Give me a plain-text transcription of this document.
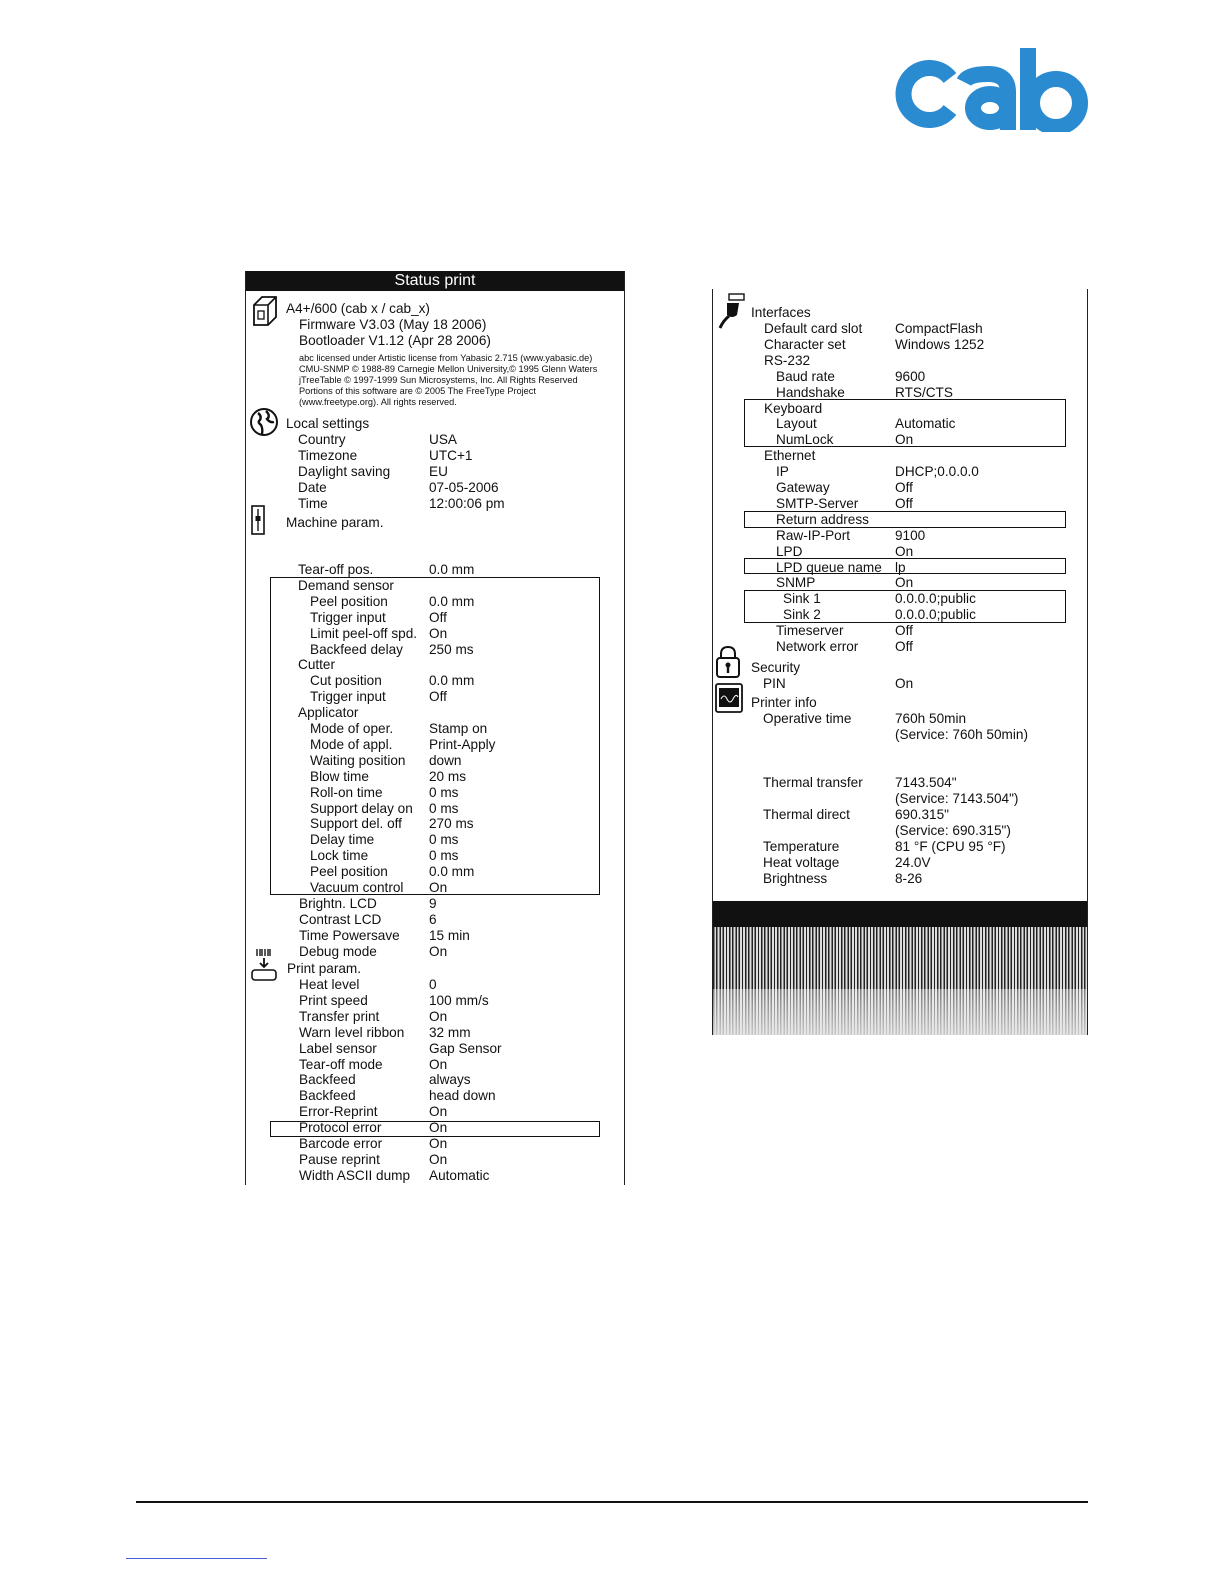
Status print
A4+/600 (cab x / cab_x)
Firmware V3.03 (May 18 2006)
Bootloader V1.12 (Apr 28 2006)
abc licensed under Artistic license from Yabasic 2.715 (www.yabasic.de)
CMU-SNMP © 1988-89 Carnegie Mellon University,© 1995 Glenn Waters
jTreeTable © 1997-1999 Sun Microsystems, Inc. All Rights Reserved
Portions of this software are © 2005 The FreeType Project
(www.freetype.org). All rights reserved.
Local settings
Country	USA
Timezone	UTC+1
Daylight saving	EU
Date	07-05-2006
Time	12:00:06 pm
Machine param.
Tear-off pos.	0.0 mm
Demand sensor
Peel position	0.0 mm
Trigger input	Off
Limit peel-off spd. On
Backfeed delay 250 ms
Cutter
Cut position	0.0 mm
Trigger input	Off
Applicator
Mode of oper.	Stamp on
Mode of appl.	Print-Apply
Waiting position down
Blow time	20 ms
Roll-on time	0 ms
Support delay on 0 ms
Support del. off 270 ms
Delay time	0 ms
Lock time	0 ms
Peel position	0.0 mm
Vacuum control On
Brightn. LCD	9
Contrast LCD	6
Time Powersave 15 min
Debug mode	On
Print param.
Heat level	0
Print speed	100 mm/s
Transfer print	On
Warn level ribbon 32 mm
Label sensor	Gap Sensor
Tear-off mode	On
Backfeed	always
Backfeed	head down
Error-Reprint	On
Protocol error	On
Barcode error	On
Pause reprint	On
Width ASCII dump Automatic
Interfaces
Default card slot CompactFlash
Character set	Windows 1252
RS-232
Baud rate	9600
Handshake	RTS/CTS
Keyboard
Layout	Automatic
NumLock	On
Ethernet
IP	DHCP;0.0.0.0
Gateway	Off
SMTP-Server	Off
Return address
Raw-IP-Port	9100
LPD	On
LPD queue name lp
SNMP	On
Sink 1	0.0.0.0;public
Sink 2	0.0.0.0;public
Timeserver	Off
Network error	Off
Security
PIN	On
Printer info
Operative time	760h 50min
(Service: 760h 50min)
Thermal transfer 7143.504"
(Service: 7143.504")
Thermal direct	690.315"
(Service: 690.315")
Temperature	81 °F (CPU 95 °F)
Heat voltage	24.0V
Brightness	8-26
